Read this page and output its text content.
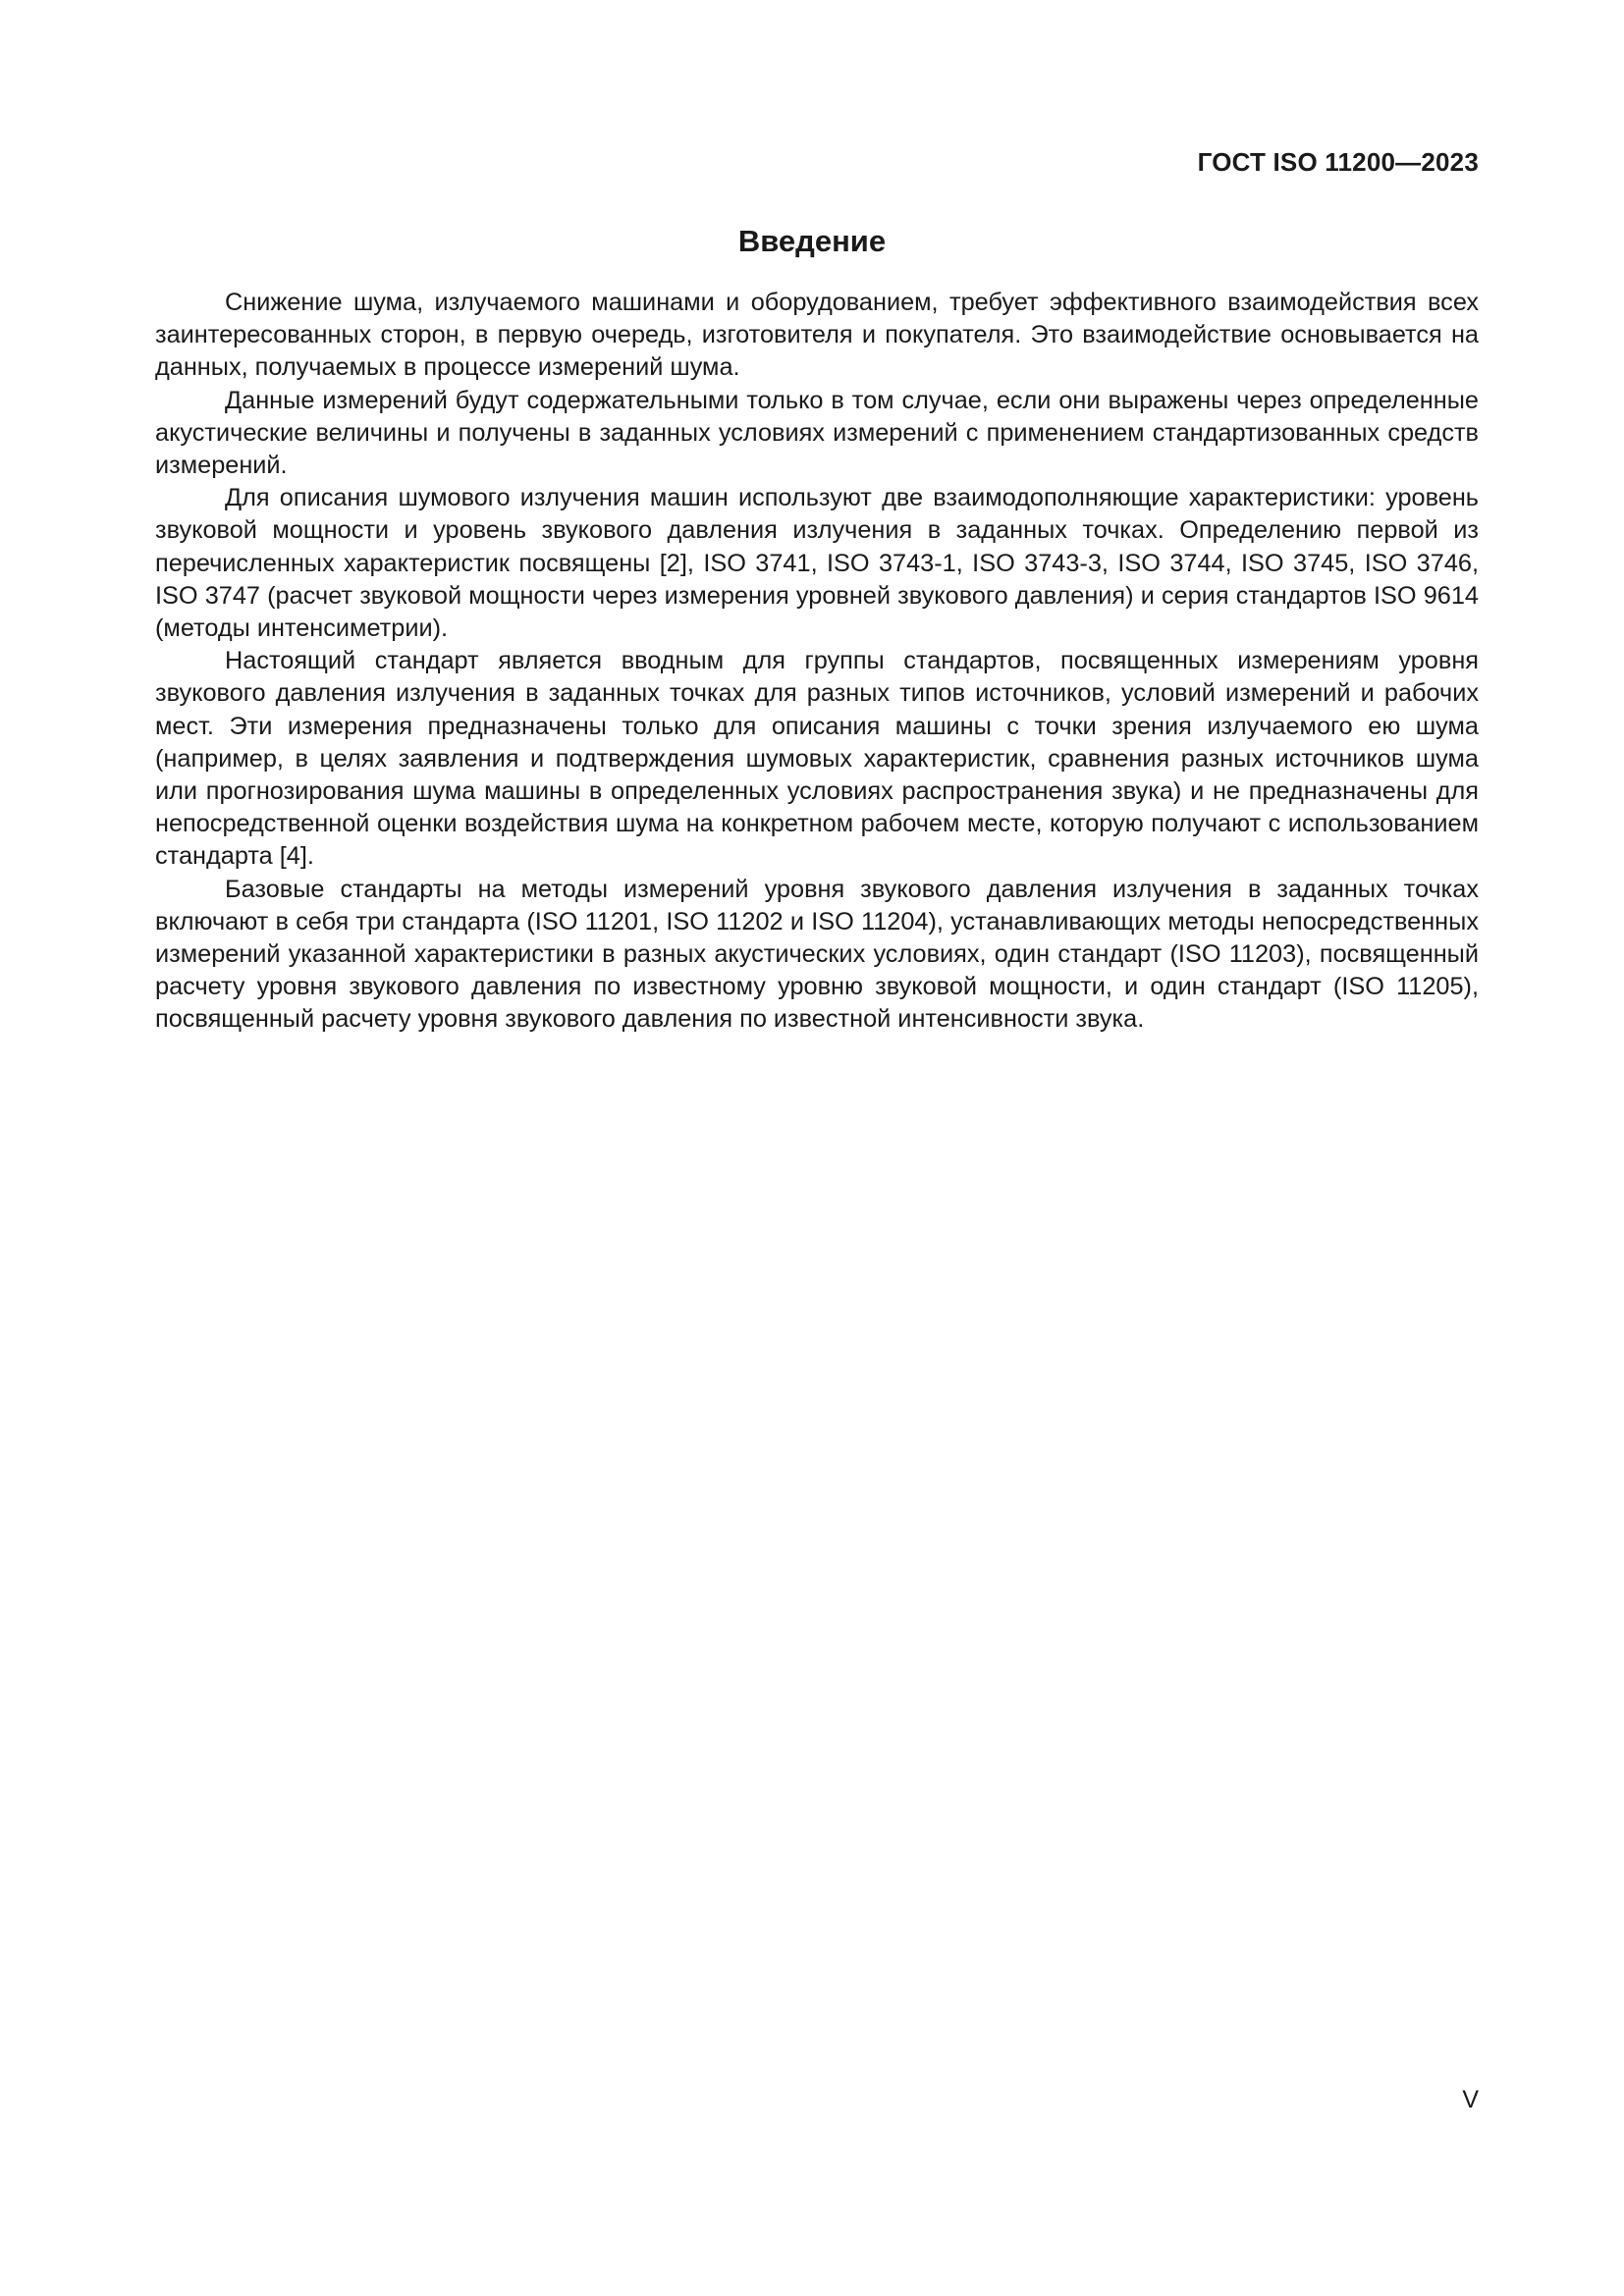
ГОСТ ISO 11200—2023
Введение

Снижение шума, излучаемого машинами и оборудованием, требует эффективного взаимодействия всех заинтересованных сторон, в первую очередь, изготовителя и покупателя. Это взаимодействие основывается на данных, получаемых в процессе измерений шума.

Данные измерений будут содержательными только в том случае, если они выражены через определенные акустические величины и получены в заданных условиях измерений с применением стандартизованных средств измерений.

Для описания шумового излучения машин используют две взаимодополняющие характеристики: уровень звуковой мощности и уровень звукового давления излучения в заданных точках. Определению первой из перечисленных характеристик посвящены [2], ISO 3741, ISO 3743-1, ISO 3743-3, ISO 3744, ISO 3745, ISO 3746, ISO 3747 (расчет звуковой мощности через измерения уровней звукового давления) и серия стандартов ISO 9614 (методы интенсиметрии).

Настоящий стандарт является вводным для группы стандартов, посвященных измерениям уровня звукового давления излучения в заданных точках для разных типов источников, условий измерений и рабочих мест. Эти измерения предназначены только для описания машины с точки зрения излучаемого ею шума (например, в целях заявления и подтверждения шумовых характеристик, сравнения разных источников шума или прогнозирования шума машины в определенных условиях распространения звука) и не предназначены для непосредственной оценки воздействия шума на конкретном рабочем месте, которую получают с использованием стандарта [4].

Базовые стандарты на методы измерений уровня звукового давления излучения в заданных точках включают в себя три стандарта (ISO 11201, ISO 11202 и ISO 11204), устанавливающих методы непосредственных измерений указанной характеристики в разных акустических условиях, один стандарт (ISO 11203), посвященный расчету уровня звукового давления по известному уровню звуковой мощности, и один стандарт (ISO 11205), посвященный расчету уровня звукового давления по известной интенсивности звука.

V
